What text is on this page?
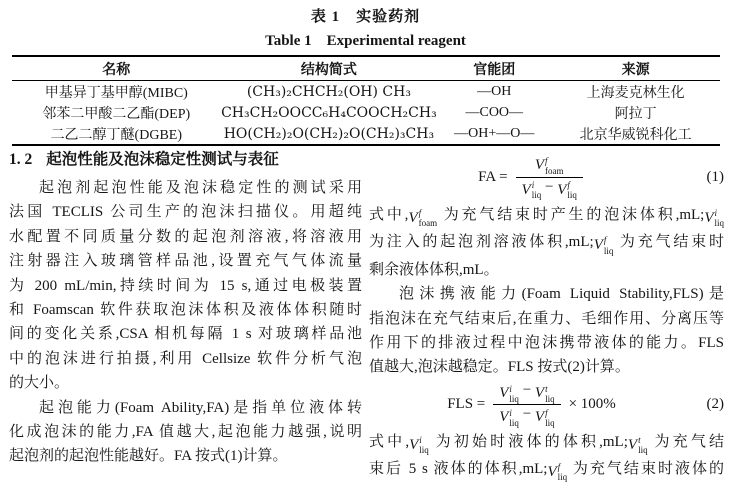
表 1　实验药剂
Table 1　Experimental reagent
名称	结构简式	官能团	来源
甲基异丁基甲醇(MIBC)	(CH₃)₂CHCH₂(OH) CH₃	—OH	上海麦克林生化
邻苯二甲酸二乙酯(DEP)	CH₃CH₂OOCC₆H₄COOCH₂CH₃	—COO—	阿拉丁
二乙二醇丁醚(DGBE)	HO(CH₂)₂O(CH₂)₂O(CH₂)₃CH₃	—OH+—O—	北京华威锐科化工
1. 2 起泡性能及泡沫稳定性测试与表征
起泡剂起泡性能及泡沫稳定性的测试采用
法国 TECLIS 公司生产的泡沫扫描仪。用超纯
水配置不同质量分数的起泡剂溶液,将溶液用
注射器注入玻璃管样品池,设置充气气体流量
为 200 mL/min,持续时间为 15 s,通过电极装置
和 Foamscan 软件获取泡沫体积及液体体积随时
间的变化关系,CSA 相机每隔 1 s 对玻璃样品池
中的泡沫进行拍摄,利用 Cellsize 软件分析气泡
的大小。
起泡能力(Foam Ability,FA)是指单位液体转
化成泡沫的能力,FA 值越大,起泡能力越强,说明
起泡剂的起泡性能越好。FA 按式(1)计算。
FA = V f
foam
V i
liq
− V f
liq	(1)
式中, V f
foam
为充气结束时产生的泡沫体积,mL; V i
liq
为注入的起泡剂溶液体积,mL; V f
liq
为充气结束时
剩余液体体积,mL。
泡沫携液能力(Foam Liquid Stability,FLS)是
指泡沫在充气结束后,在重力、毛细作用、分离压等
作用下的排液过程中泡沫携带液体的能力。FLS
值越大,泡沫越稳定。FLS 按式(2)计算。
FLS = V i
liq
− V t
liq
V i
liq
− V f
liq × 100%	(2)
式中, V i
liq
为初始时液体的体积,mL; V t
liq
为充气结
束后 5 s 液体的体积,mL; V f
liq
为充气结束时液体的
